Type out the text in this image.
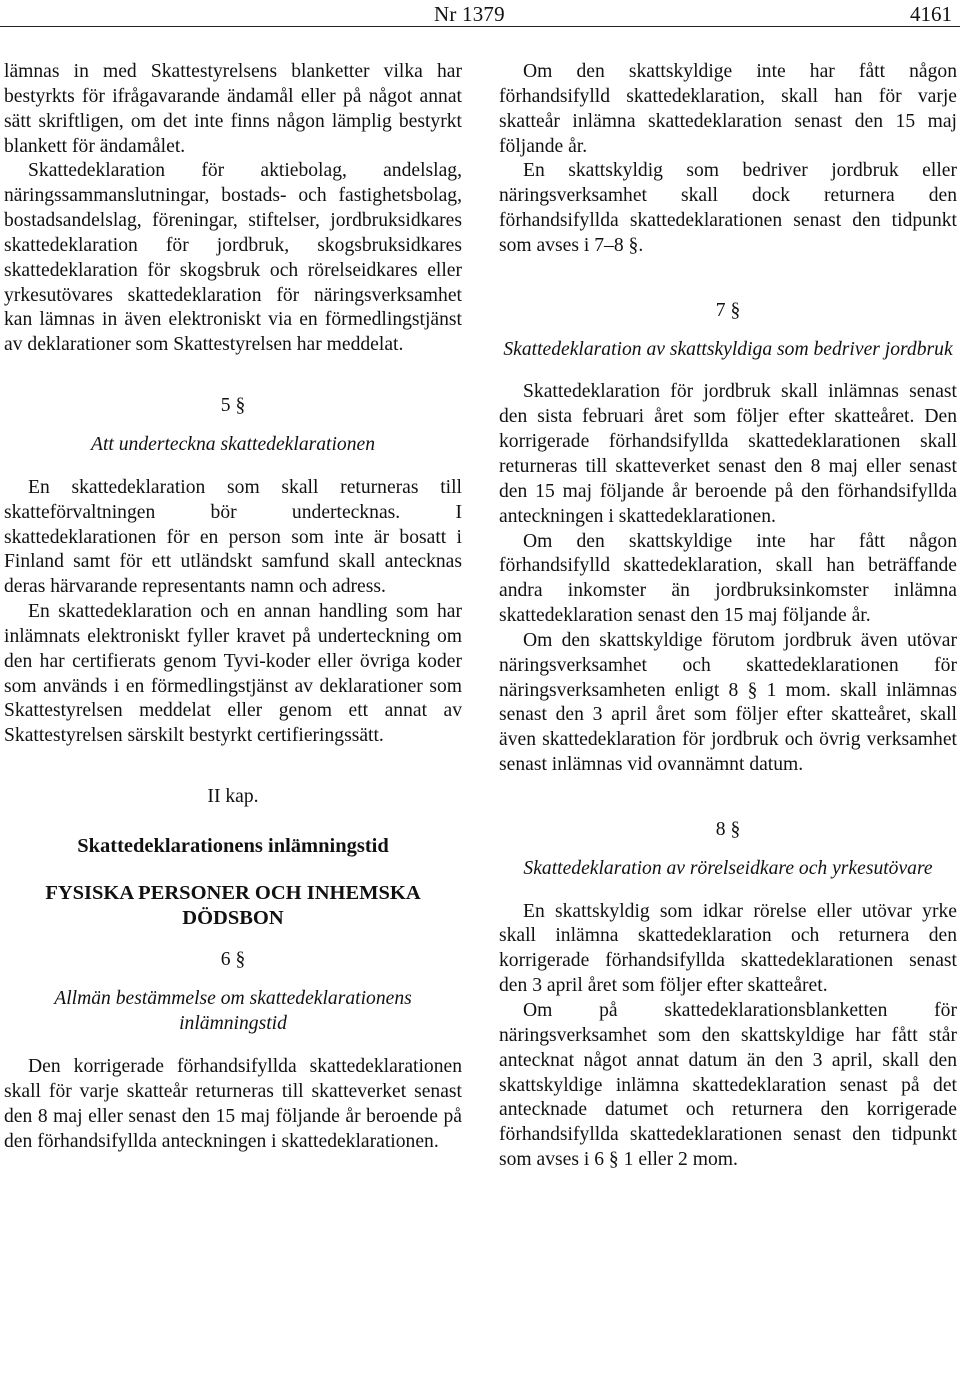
Nr 1379	4161

lämnas in med Skattestyrelsens blanketter vilka har bestyrkts för ifrågavarande ändamål eller på något annat sätt skriftligen, om det inte finns någon lämplig bestyrkt blankett för ändamålet.

Skattedeklaration för aktiebolag, andelslag, näringssammanslutningar, bostads- och fastighetsbolag, bostadsandelslag, föreningar, stiftelser, jordbruksidkares skattedeklaration för jordbruk, skogsbruksidkares skattedeklaration för skogsbruk och rörelseidkares eller yrkesutövares skattedeklaration för näringsverksamhet kan lämnas in även elektroniskt via en förmedlingstjänst av deklarationer som Skattestyrelsen har meddelat.

5 §

Att underteckna skattedeklarationen

En skattedeklaration som skall returneras till skatteförvaltningen bör undertecknas. I skattedeklarationen för en person som inte är bosatt i Finland samt för ett utländskt samfund skall antecknas deras härvarande representants namn och adress.

En skattedeklaration och en annan handling som har inlämnats elektroniskt fyller kravet på underteckning om den har certifierats genom Tyvi-koder eller övriga koder som används i en förmedlingstjänst av deklarationer som Skattestyrelsen meddelat eller genom ett annat av Skattestyrelsen särskilt bestyrkt certifieringssätt.

II kap.

Skattedeklarationens inlämningstid

FYSISKA PERSONER OCH INHEMSKA DÖDSBON

6 §

Allmän bestämmelse om skattedeklarationens inlämningstid

Den korrigerade förhandsifyllda skattedeklarationen skall för varje skatteår returneras till skatteverket senast den 8 maj eller senast den 15 maj följande år beroende på den förhandsifyllda anteckningen i skattedeklarationen.

Om den skattskyldige inte har fått någon förhandsifylld skattedeklaration, skall han för varje skatteår inlämna skattedeklaration senast den 15 maj följande år.

En skattskyldig som bedriver jordbruk eller näringsverksamhet skall dock returnera den förhandsifyllda skattedeklarationen senast den tidpunkt som avses i 7–8 §.

7 §

Skattedeklaration av skattskyldiga som bedriver jordbruk

Skattedeklaration för jordbruk skall inlämnas senast den sista februari året som följer efter skatteåret. Den korrigerade förhandsifyllda skattedeklarationen skall returneras till skatteverket senast den 8 maj eller senast den 15 maj följande år beroende på den förhandsifyllda anteckningen i skattedeklarationen.

Om den skattskyldige inte har fått någon förhandsifylld skattedeklaration, skall han beträffande andra inkomster än jordbruksinkomster inlämna skattedeklaration senast den 15 maj följande år.

Om den skattskyldige förutom jordbruk även utövar näringsverksamhet och skattedeklarationen för näringsverksamheten enligt 8 § 1 mom. skall inlämnas senast den 3 april året som följer efter skatteåret, skall även skattedeklaration för jordbruk och övrig verksamhet senast inlämnas vid ovannämnt datum.

8 §

Skattedeklaration av rörelseidkare och yrkesutövare

En skattskyldig som idkar rörelse eller utövar yrke skall inlämna skattedeklaration och returnera den korrigerade förhandsifyllda skattedeklarationen senast den 3 april året som följer efter skatteåret.

Om på skattedeklarationsblanketten för näringsverksamhet som den skattskyldige har fått står antecknat något annat datum än den 3 april, skall den skattskyldige inlämna skattedeklaration senast på det antecknade datumet och returnera den korrigerade förhandsifyllda skattedeklarationen senast den tidpunkt som avses i 6 § 1 eller 2 mom.
